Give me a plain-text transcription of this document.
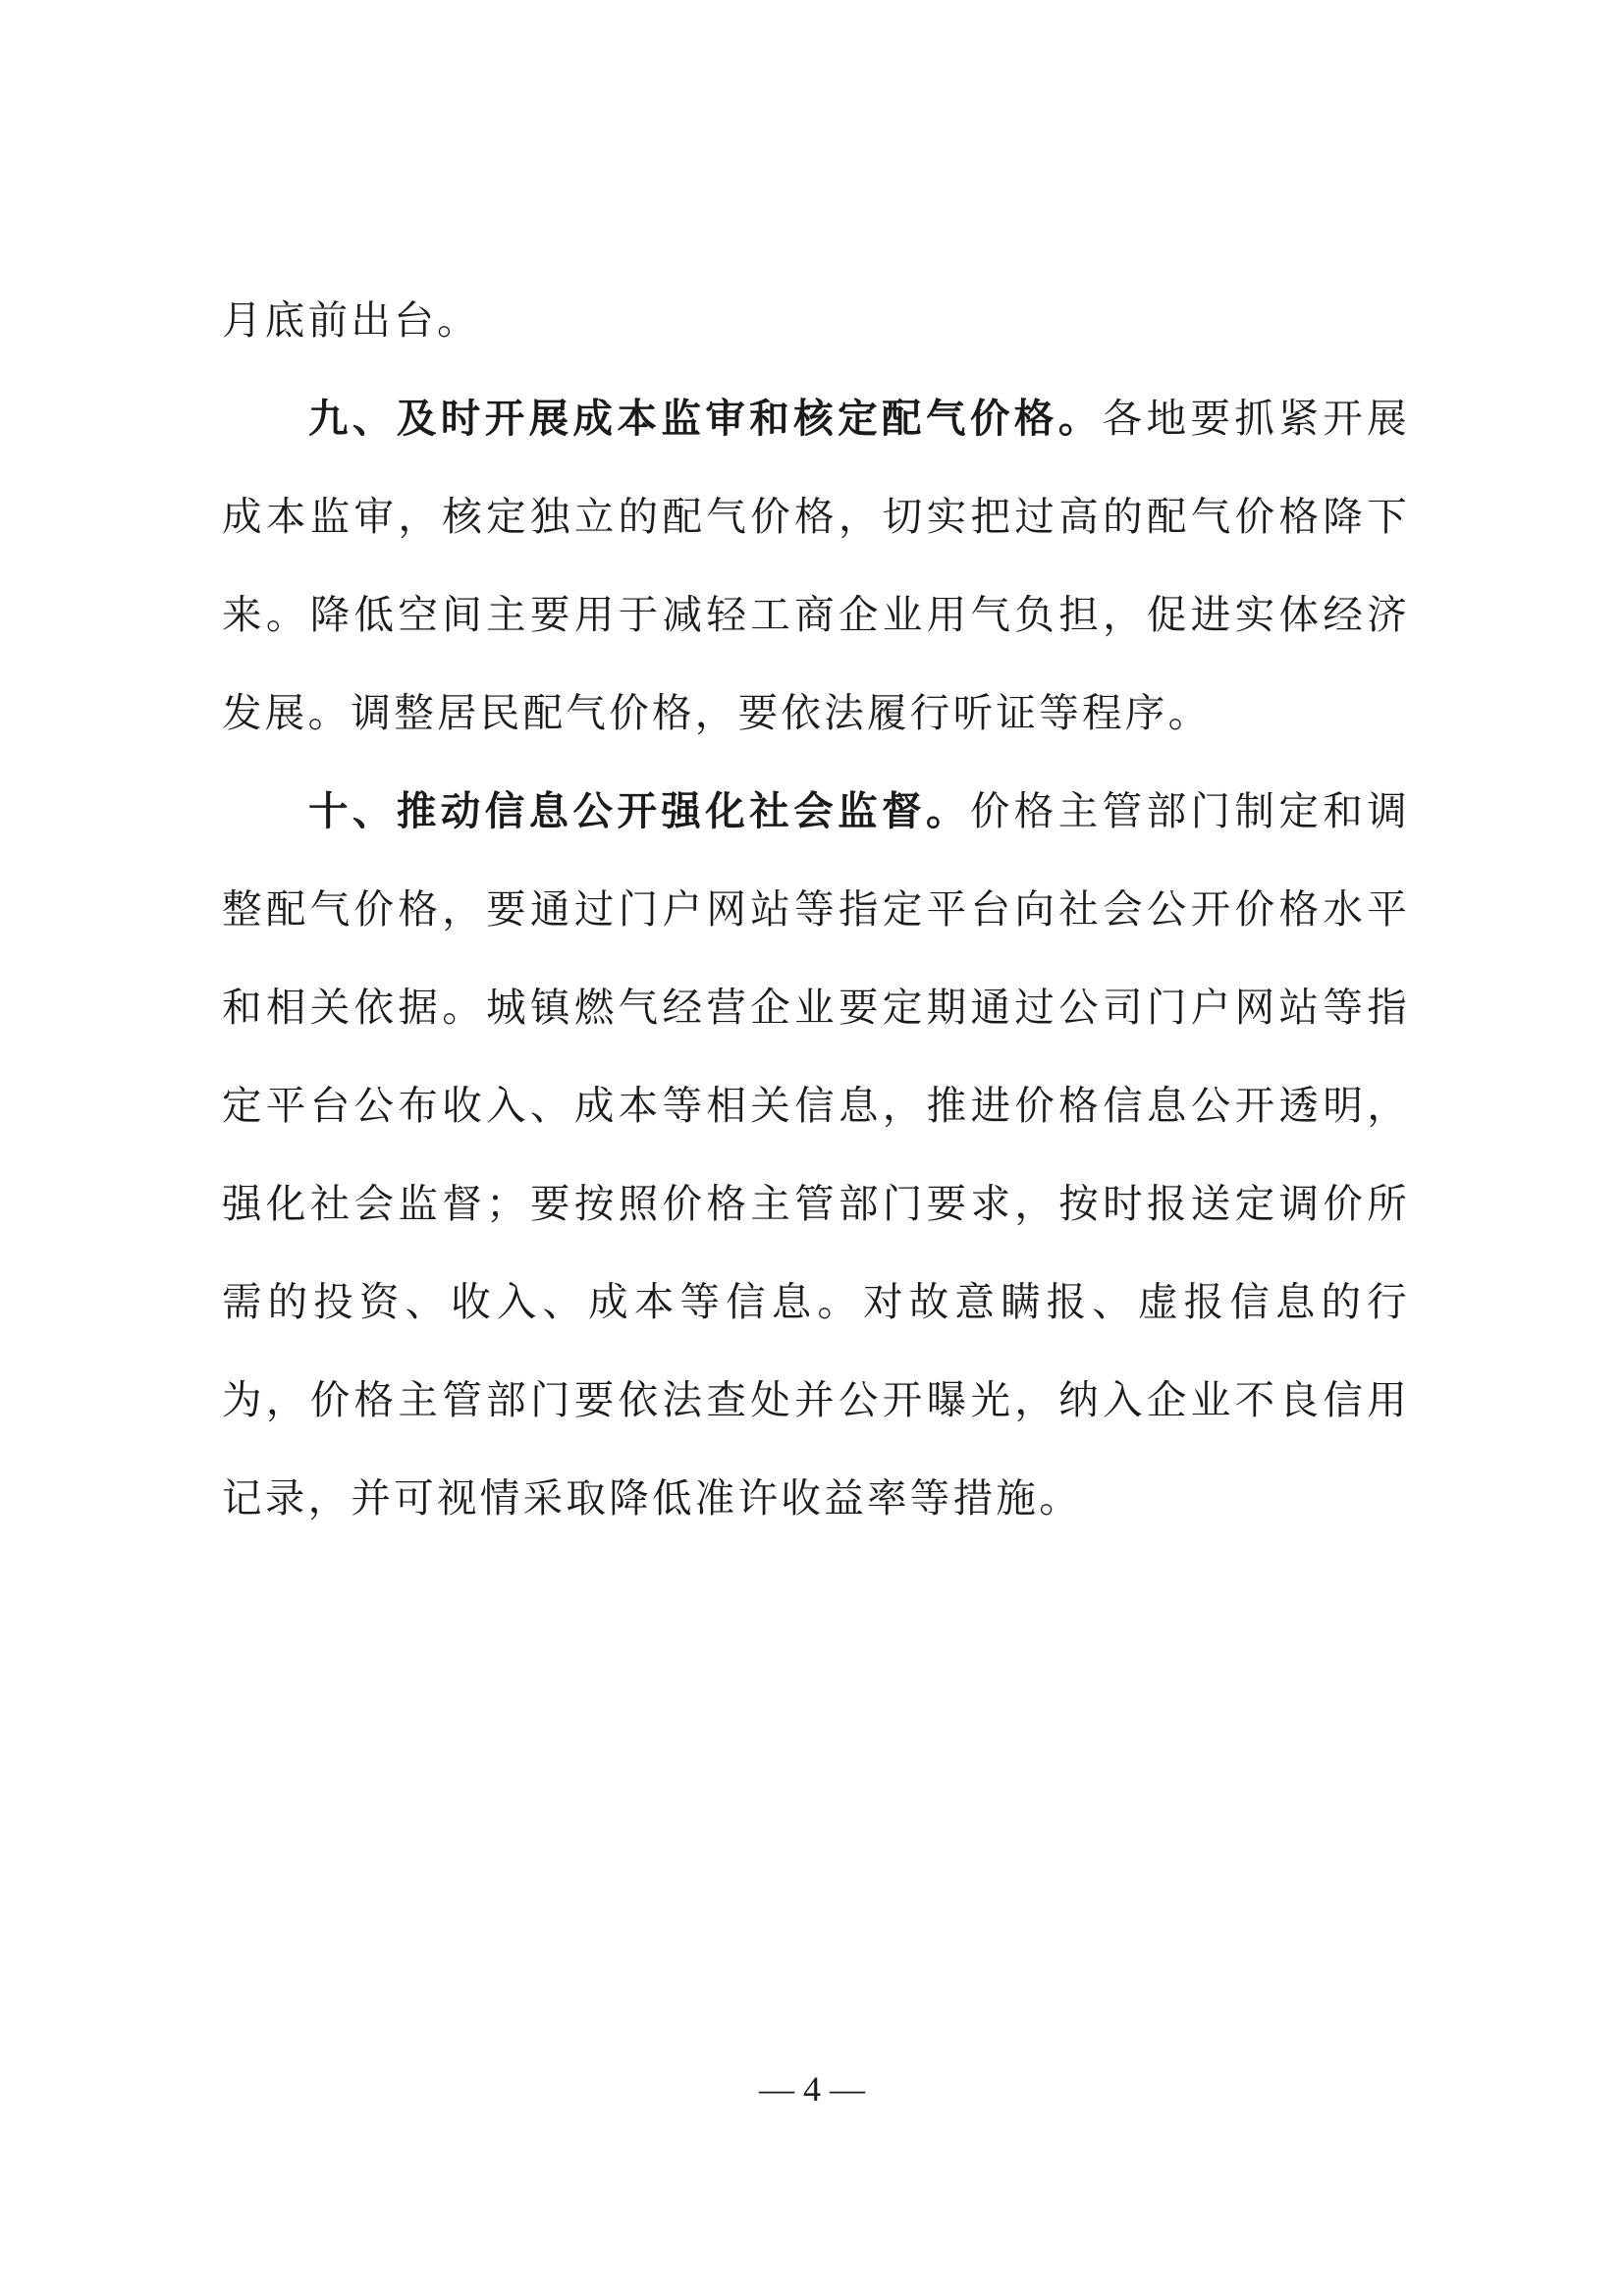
月底前出台。

九、及时开展成本监审和核定配气价格。各地要抓紧开展成本监审，核定独立的配气价格，切实把过高的配气价格降下来。降低空间主要用于减轻工商企业用气负担，促进实体经济发展。调整居民配气价格，要依法履行听证等程序。

十、推动信息公开强化社会监督。价格主管部门制定和调整配气价格，要通过门户网站等指定平台向社会公开价格水平和相关依据。城镇燃气经营企业要定期通过公司门户网站等指定平台公布收入、成本等相关信息，推进价格信息公开透明，强化社会监督；要按照价格主管部门要求，按时报送定调价所需的投资、收入、成本等信息。对故意瞒报、虚报信息的行为，价格主管部门要依法查处并公开曝光，纳入企业不良信用记录，并可视情采取降低准许收益率等措施。

— 4 —
